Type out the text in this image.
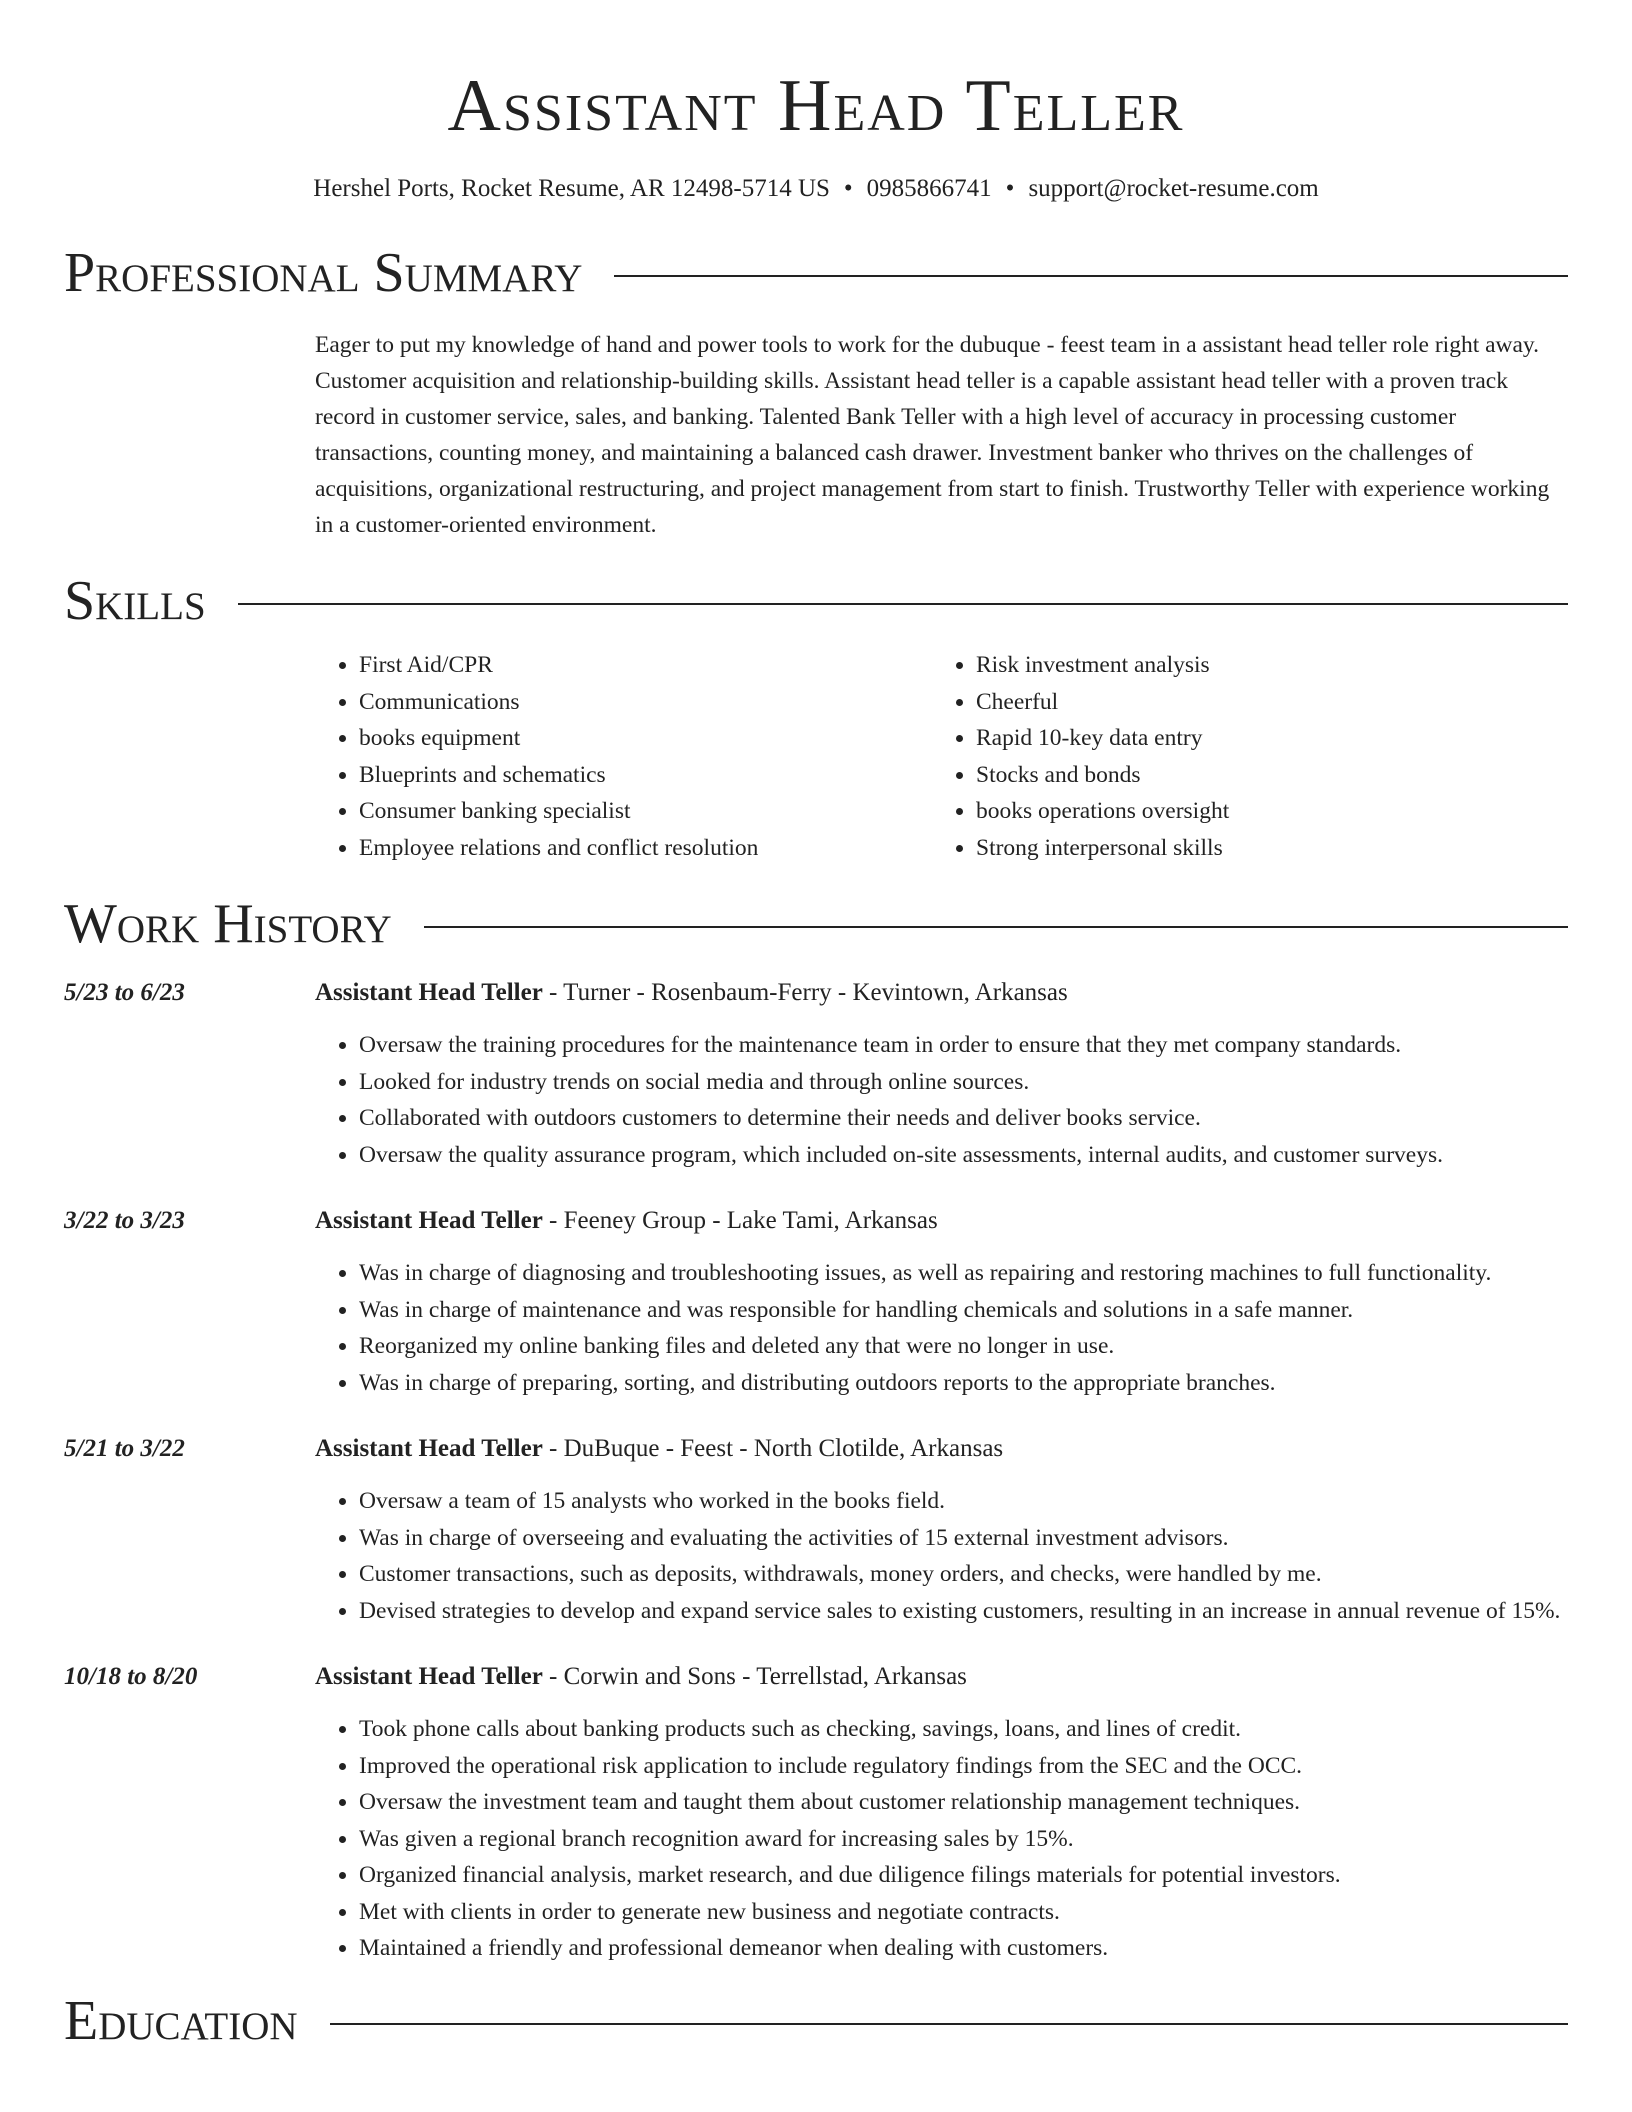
Assistant Head Teller
Hershel Ports, Rocket Resume, AR 12498-5714 US • 0985866741 • support@rocket-resume.com
Professional Summary

Eager to put my knowledge of hand and power tools to work for the dubuque - feest team in a assistant head teller role right away. Customer acquisition and relationship-building skills. Assistant head teller is a capable assistant head teller with a proven track record in customer service, sales, and banking. Talented Bank Teller with a high level of accuracy in processing customer transactions, counting money, and maintaining a balanced cash drawer. Investment banker who thrives on the challenges of acquisitions, organizational restructuring, and project management from start to finish. Trustworthy Teller with experience working in a customer-oriented environment.

Skills
• First Aid/CPR
• Communications
• books equipment
• Blueprints and schematics
• Consumer banking specialist
• Employee relations and conflict resolution
• Risk investment analysis
• Cheerful
• Rapid 10-key data entry
• Stocks and bonds
• books operations oversight
• Strong interpersonal skills
Work History
5/23 to 6/23	Assistant Head Teller - Turner - Rosenbaum-Ferry - Kevintown, Arkansas
• Oversaw the training procedures for the maintenance team in order to ensure that they met company standards.
• Looked for industry trends on social media and through online sources.
• Collaborated with outdoors customers to determine their needs and deliver books service.
• Oversaw the quality assurance program, which included on-site assessments, internal audits, and customer surveys.
3/22 to 3/23	Assistant Head Teller - Feeney Group - Lake Tami, Arkansas
• Was in charge of diagnosing and troubleshooting issues, as well as repairing and restoring machines to full functionality.
• Was in charge of maintenance and was responsible for handling chemicals and solutions in a safe manner.
• Reorganized my online banking files and deleted any that were no longer in use.
• Was in charge of preparing, sorting, and distributing outdoors reports to the appropriate branches.
5/21 to 3/22	Assistant Head Teller - DuBuque - Feest - North Clotilde, Arkansas
• Oversaw a team of 15 analysts who worked in the books field.
• Was in charge of overseeing and evaluating the activities of 15 external investment advisors.
• Customer transactions, such as deposits, withdrawals, money orders, and checks, were handled by me.
• Devised strategies to develop and expand service sales to existing customers, resulting in an increase in annual revenue of 15%.
10/18 to 8/20	Assistant Head Teller - Corwin and Sons - Terrellstad, Arkansas
• Took phone calls about banking products such as checking, savings, loans, and lines of credit.
• Improved the operational risk application to include regulatory findings from the SEC and the OCC.
• Oversaw the investment team and taught them about customer relationship management techniques.
• Was given a regional branch recognition award for increasing sales by 15%.
• Organized financial analysis, market research, and due diligence filings materials for potential investors.
• Met with clients in order to generate new business and negotiate contracts.
• Maintained a friendly and professional demeanor when dealing with customers.
Education
